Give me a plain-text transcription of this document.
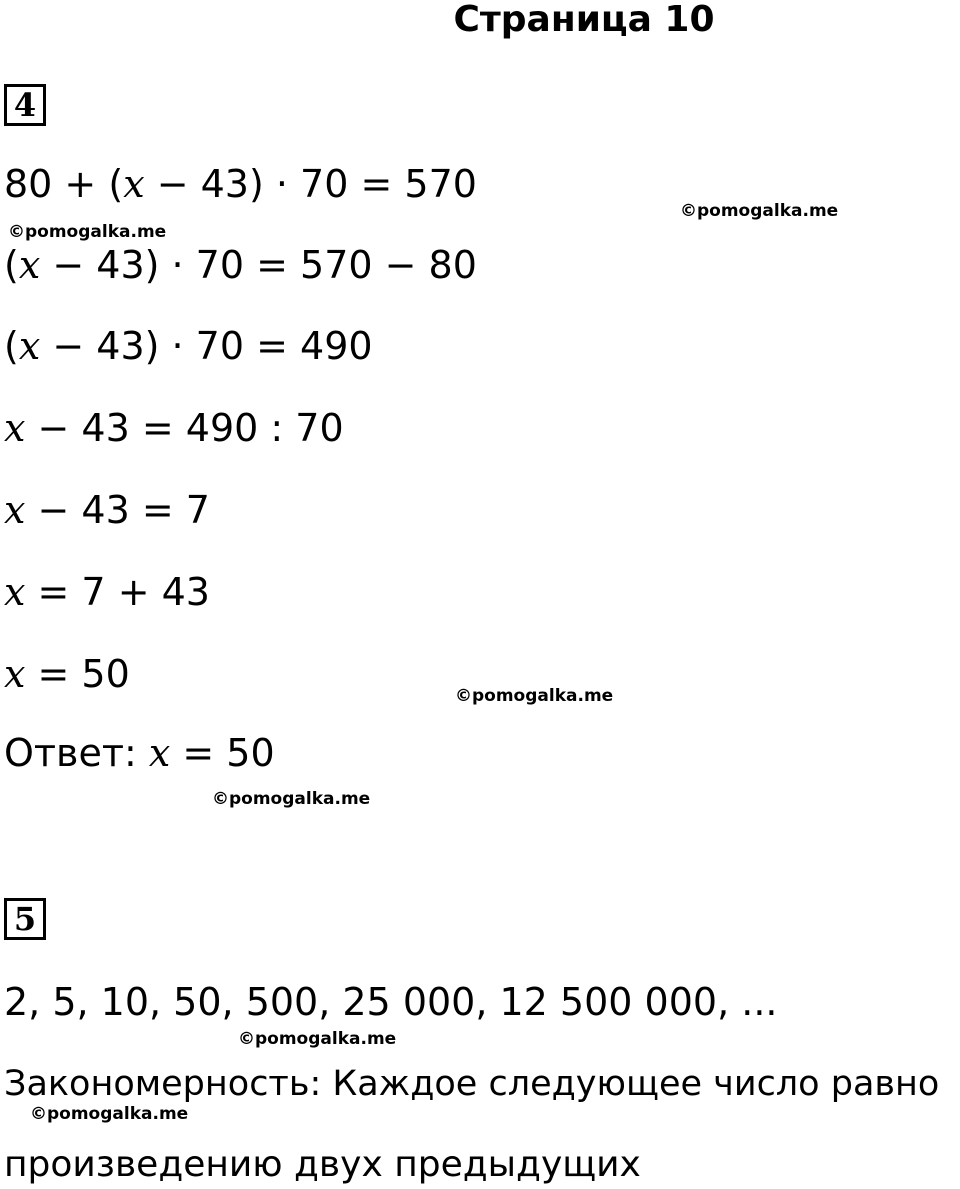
Страница 10
4
80 + (x − 43) · 70 = 570
(x − 43) · 70 = 570 − 80
(x − 43) · 70 = 490
x − 43 = 490 : 70
x − 43 = 7
x = 7 + 43
x = 50
Ответ: x = 50
5
2, 5, 10, 50, 500, 25 000, 12 500 000, ...
Закономерность: Каждое следующее число равно
произведению двух предыдущих
©pomogalka.me
©pomogalka.me
©pomogalka.me
©pomogalka.me
©pomogalka.me
©pomogalka.me
